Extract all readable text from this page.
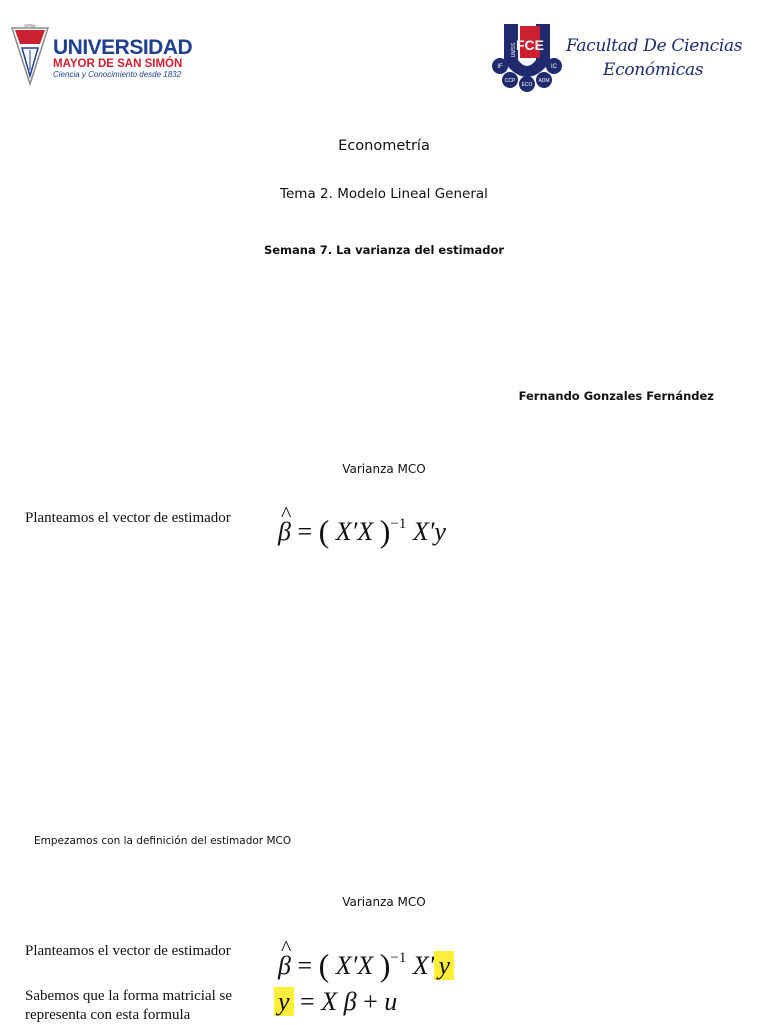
UMSS
UNIVERSIDAD
MAYOR DE SAN SIMÓN
Ciencia y Conocimiento desde 1832
FCE
UMSS
IF	IC
CCP
ECO
ADM
Facultad De Ciencias
Económicas
Econometría
Tema 2. Modelo Lineal General
Semana 7. La varianza del estimador
Fernando Gonzales Fernández
Varianza MCO
Planteamos el vector de estimador ^ β = ( X′X )$^{-1}$ X′y
Empezamos con la definición del estimador MCO
Varianza MCO
Planteamos el vector de estimador ^ β = ( X′X )$^{-1}$ X′ y
Sabemos que la forma matricial se representa con esta formula	y = X β + u
